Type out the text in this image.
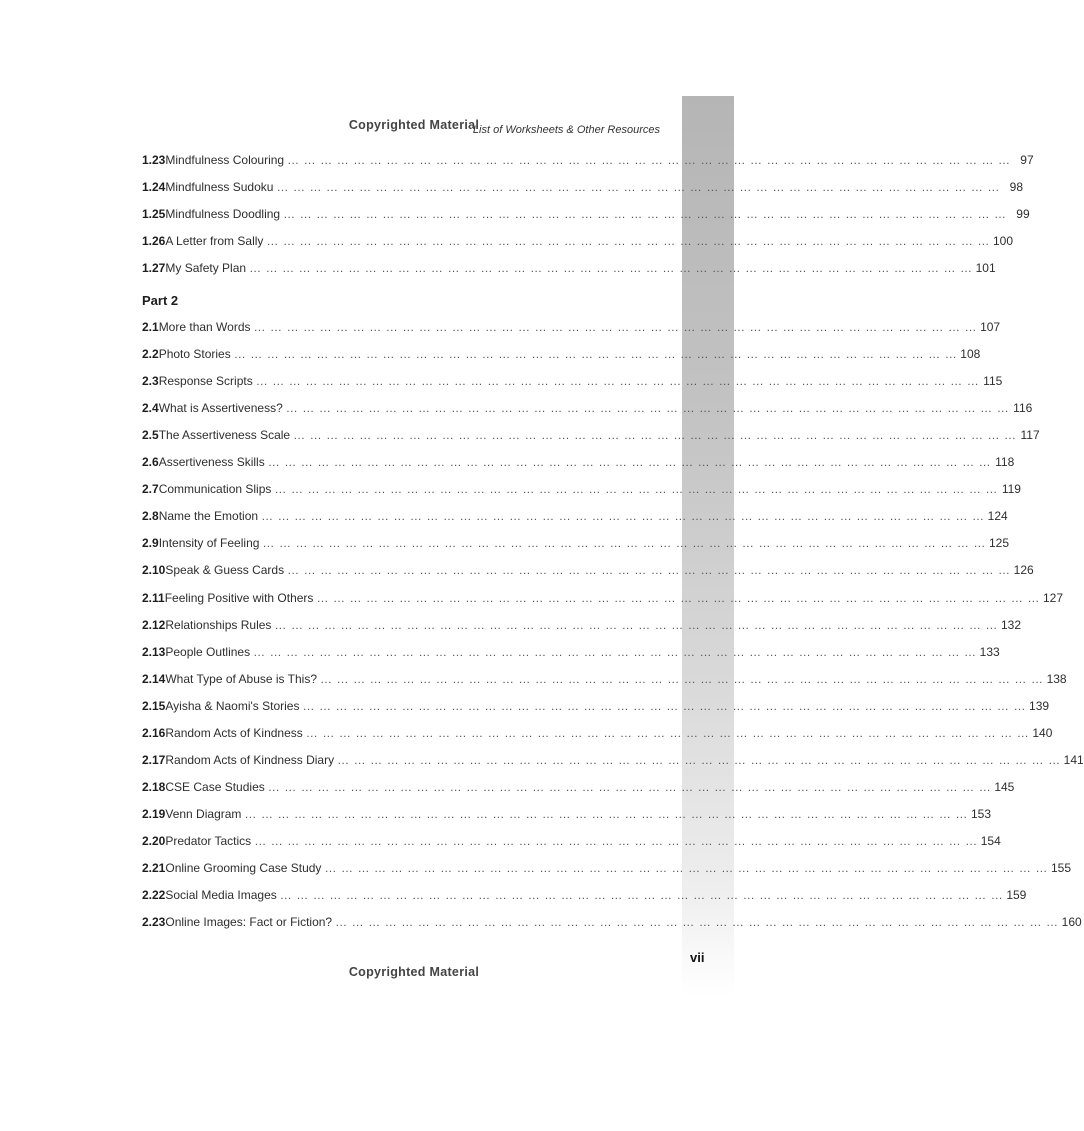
Copyrighted Material
List of Worksheets & Other Resources
1.23 Mindfulness Colouring … … … … … … … … … … … … … … … … … … … … … … … … … … … … … … … … … … … … … … … … … … … … 97
1.24 Mindfulness Sudoku … … … … … … … … … … … … … … … … … … … … … … … … … … … … … … … … … … … … … … … … … … … … 98
1.25 Mindfulness Doodling … … … … … … … … … … … … … … … … … … … … … … … … … … … … … … … … … … … … … … … … … … … … 99
1.26 A Letter from Sally … … … … … … … … … … … … … … … … … … … … … … … … … … … … … … … … … … … … … … … … … … … … 100
1.27 My Safety Plan … … … … … … … … … … … … … … … … … … … … … … … … … … … … … … … … … … … … … … … … … … … … 101
2.1 More than Words … … … … … … … … … … … … … … … … … … … … … … … … … … … … … … … … … … … … … … … … … … … … 107
2.2 Photo Stories … … … … … … … … … … … … … … … … … … … … … … … … … … … … … … … … … … … … … … … … … … … … 108
2.3 Response Scripts … … … … … … … … … … … … … … … … … … … … … … … … … … … … … … … … … … … … … … … … … … … … 115
2.4 What is Assertiveness? … … … … … … … … … … … … … … … … … … … … … … … … … … … … … … … … … … … … … … … … … … … … 116
2.5 The Assertiveness Scale … … … … … … … … … … … … … … … … … … … … … … … … … … … … … … … … … … … … … … … … … … … … 117
2.6 Assertiveness Skills … … … … … … … … … … … … … … … … … … … … … … … … … … … … … … … … … … … … … … … … … … … … 118
2.7 Communication Slips … … … … … … … … … … … … … … … … … … … … … … … … … … … … … … … … … … … … … … … … … … … … 119
2.8 Name the Emotion … … … … … … … … … … … … … … … … … … … … … … … … … … … … … … … … … … … … … … … … … … … … 124
2.9 Intensity of Feeling … … … … … … … … … … … … … … … … … … … … … … … … … … … … … … … … … … … … … … … … … … … … 125
2.10 Speak & Guess Cards … … … … … … … … … … … … … … … … … … … … … … … … … … … … … … … … … … … … … … … … … … … … 126
2.11 Feeling Positive with Others … … … … … … … … … … … … … … … … … … … … … … … … … … … … … … … … … … … … … … … … … … … … 127
2.12 Relationships Rules … … … … … … … … … … … … … … … … … … … … … … … … … … … … … … … … … … … … … … … … … … … … 132
2.13 People Outlines … … … … … … … … … … … … … … … … … … … … … … … … … … … … … … … … … … … … … … … … … … … … 133
2.14 What Type of Abuse is This? … … … … … … … … … … … … … … … … … … … … … … … … … … … … … … … … … … … … … … … … … … … … 138
2.15 Ayisha & Naomi's Stories … … … … … … … … … … … … … … … … … … … … … … … … … … … … … … … … … … … … … … … … … … … … 139
2.16 Random Acts of Kindness … … … … … … … … … … … … … … … … … … … … … … … … … … … … … … … … … … … … … … … … … … … … 140
2.17 Random Acts of Kindness Diary … … … … … … … … … … … … … … … … … … … … … … … … … … … … … … … … … … … … … … … … … … … … 141
2.18 CSE Case Studies … … … … … … … … … … … … … … … … … … … … … … … … … … … … … … … … … … … … … … … … … … … … 145
2.19 Venn Diagram … … … … … … … … … … … … … … … … … … … … … … … … … … … … … … … … … … … … … … … … … … … … 153
2.20 Predator Tactics … … … … … … … … … … … … … … … … … … … … … … … … … … … … … … … … … … … … … … … … … … … … 154
2.21 Online Grooming Case Study … … … … … … … … … … … … … … … … … … … … … … … … … … … … … … … … … … … … … … … … … … … … 155
2.22 Social Media Images … … … … … … … … … … … … … … … … … … … … … … … … … … … … … … … … … … … … … … … … … … … … 159
2.23 Online Images: Fact or Fiction? … … … … … … … … … … … … … … … … … … … … … … … … … … … … … … … … … … … … … … … … … … … … 160
Part 2
Copyrighted Material
vii
